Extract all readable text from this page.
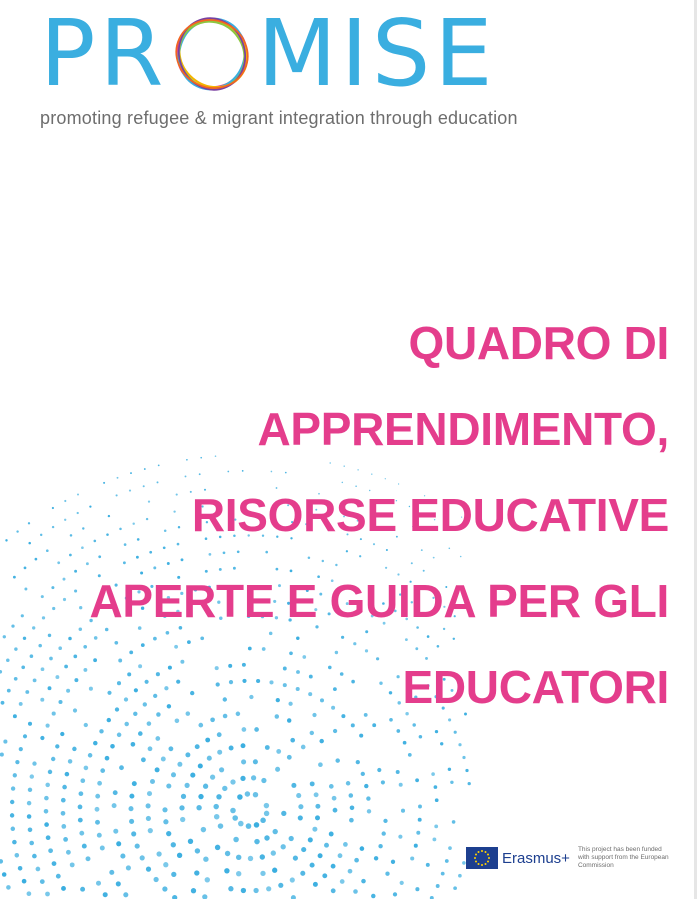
PR MISE
promoting refugee & migrant integration through education
QUADRO DI
APPRENDIMENTO,
RISORSE EDUCATIVE
APERTE E GUIDA PER GLI
EDUCATORI
Erasmus+ This project has been funded with support from the European Commission
